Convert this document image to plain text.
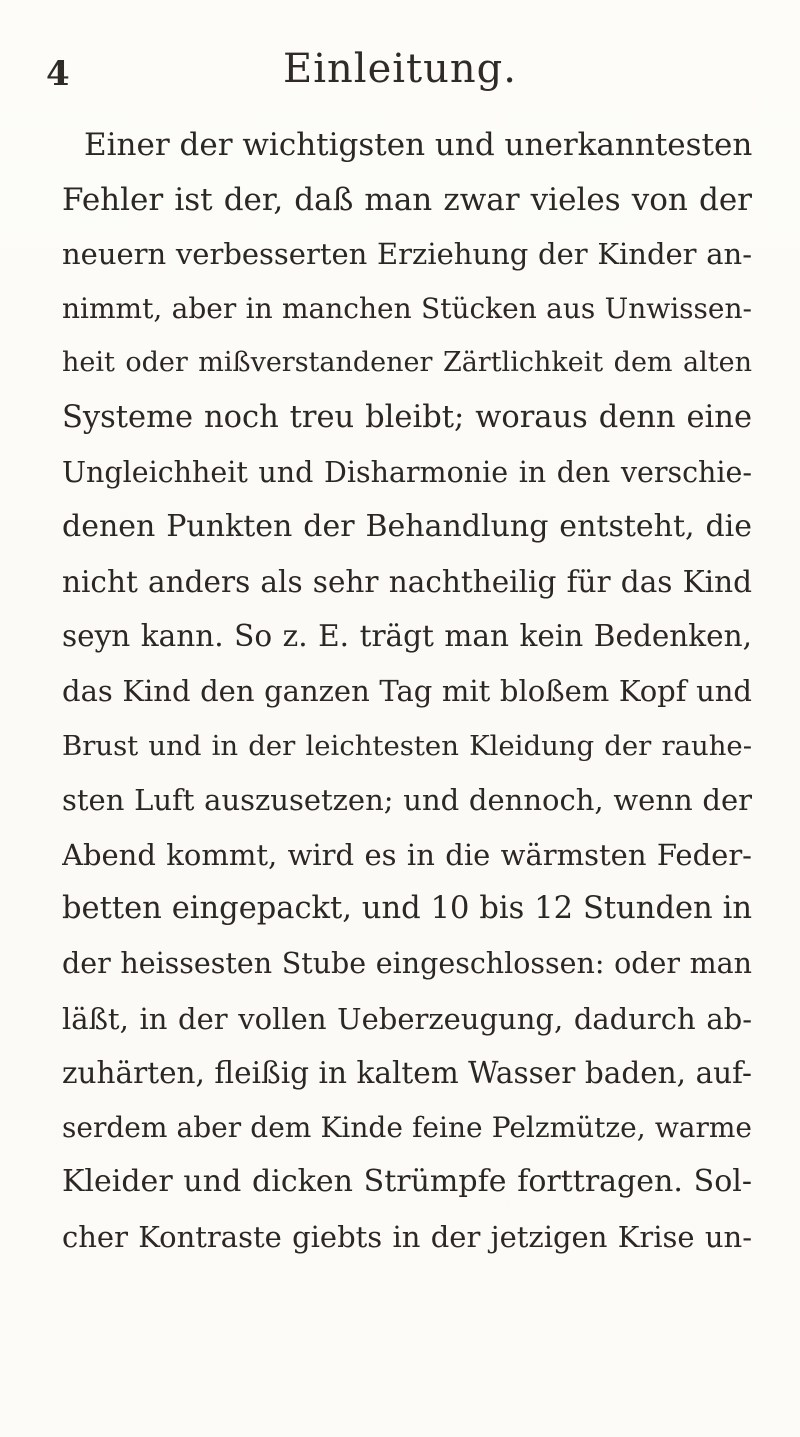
4	Einleitung.
Einer der wichtigsten und unerkanntesten
Fehler ist der, daß man zwar vieles von der
neuern verbesserten Erziehung der Kinder an-
nimmt, aber in manchen Stücken aus Unwissen-
heit oder mißverstandener Zärtlichkeit dem alten
Systeme noch treu bleibt; woraus denn eine
Ungleichheit und Disharmonie in den verschie-
denen Punkten der Behandlung entsteht, die
nicht anders als sehr nachtheilig für das Kind
seyn kann. So z. E. trägt man kein Bedenken,
das Kind den ganzen Tag mit bloßem Kopf und
Brust und in der leichtesten Kleidung der rauhe-
sten Luft auszusetzen; und dennoch, wenn der
Abend kommt, wird es in die wärmsten Feder-
betten eingepackt, und 10 bis 12 Stunden in
der heissesten Stube eingeschlossen: oder man
läßt, in der vollen Ueberzeugung, dadurch ab-
zuhärten, fleißig in kaltem Wasser baden, auf-
serdem aber dem Kinde feine Pelzmütze, warme
Kleider und dicken Strümpfe forttragen. Sol-
cher Kontraste giebts in der jetzigen Krise un-
